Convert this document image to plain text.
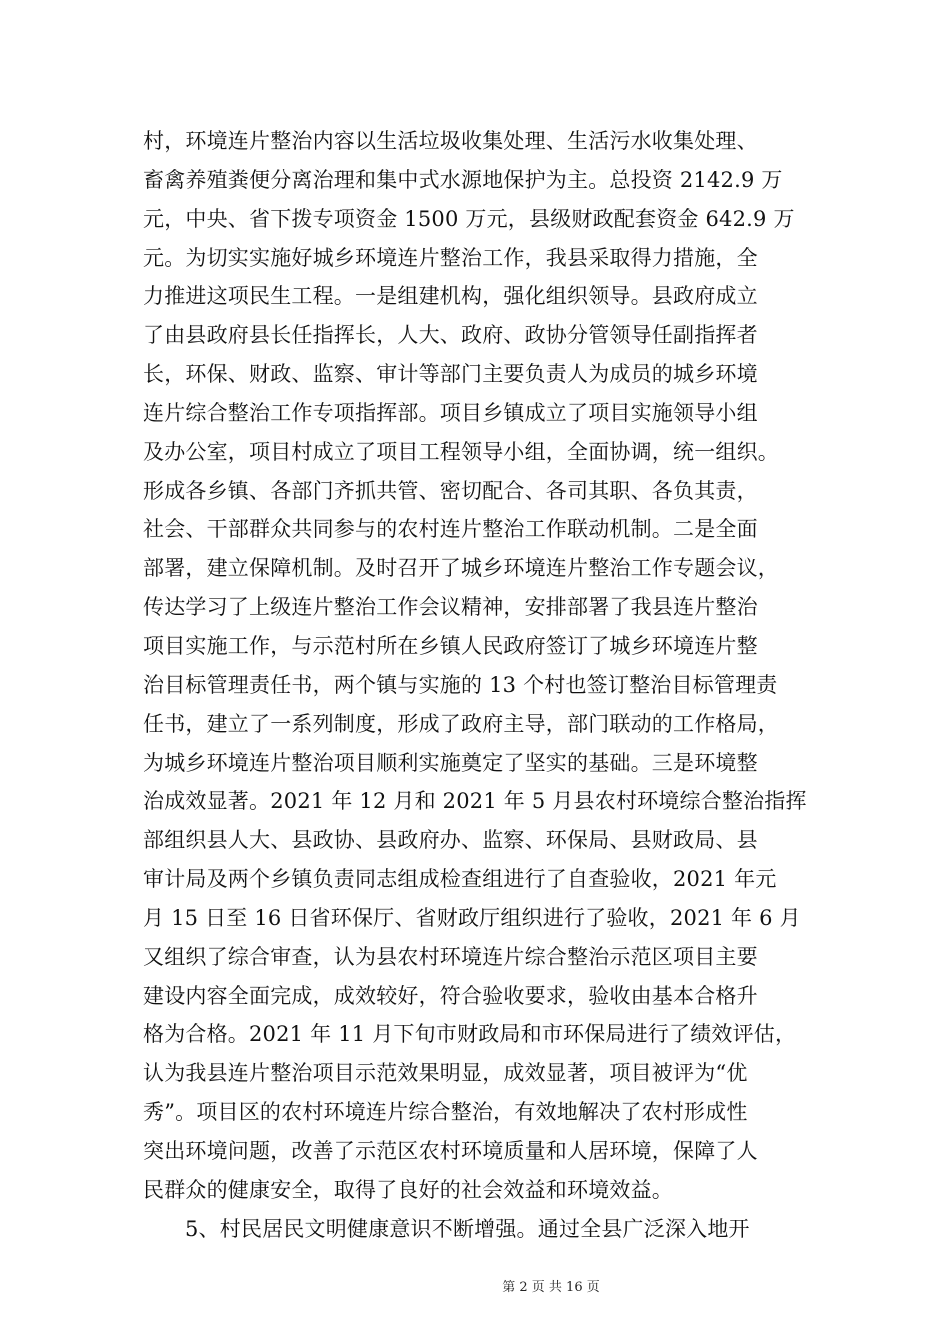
村，环境连片整治内容以生活垃圾收集处理、生活污水收集处理、
畜禽养殖粪便分离治理和集中式水源地保护为主。总投资 2142.9 万
元，中央、省下拨专项资金 1500 万元，县级财政配套资金 642.9 万
元。为切实实施好城乡环境连片整治工作，我县采取得力措施，全
力推进这项民生工程。一是组建机构，强化组织领导。县政府成立
了由县政府县长任指挥长，人大、政府、政协分管领导任副指挥者
长，环保、财政、监察、审计等部门主要负责人为成员的城乡环境
连片综合整治工作专项指挥部。项目乡镇成立了项目实施领导小组
及办公室，项目村成立了项目工程领导小组，全面协调，统一组织。
形成各乡镇、各部门齐抓共管、密切配合、各司其职、各负其责，
社会、干部群众共同参与的农村连片整治工作联动机制。二是全面
部署，建立保障机制。及时召开了城乡环境连片整治工作专题会议，
传达学习了上级连片整治工作会议精神，安排部署了我县连片整治
项目实施工作，与示范村所在乡镇人民政府签订了城乡环境连片整
治目标管理责任书，两个镇与实施的 13 个村也签订整治目标管理责
任书，建立了一系列制度，形成了政府主导，部门联动的工作格局，
为城乡环境连片整治项目顺利实施奠定了坚实的基础。三是环境整
治成效显著。2021 年 12 月和 2021 年 5 月县农村环境综合整治指挥
部组织县人大、县政协、县政府办、监察、环保局、县财政局、县
审计局及两个乡镇负责同志组成检查组进行了自查验收，2021 年元
月 15 日至 16 日省环保厅、省财政厅组织进行了验收，2021 年 6 月
又组织了综合审查，认为县农村环境连片综合整治示范区项目主要
建设内容全面完成，成效较好，符合验收要求，验收由基本合格升
格为合格。2021 年 11 月下旬市财政局和市环保局进行了绩效评估，
认为我县连片整治项目示范效果明显，成效显著，项目被评为“优
秀”。项目区的农村环境连片综合整治，有效地解决了农村形成性
突出环境问题，改善了示范区农村环境质量和人居环境，保障了人
民群众的健康安全，取得了良好的社会效益和环境效益。
5、村民居民文明健康意识不断增强。通过全县广泛深入地开
第 2 页 共 16 页
